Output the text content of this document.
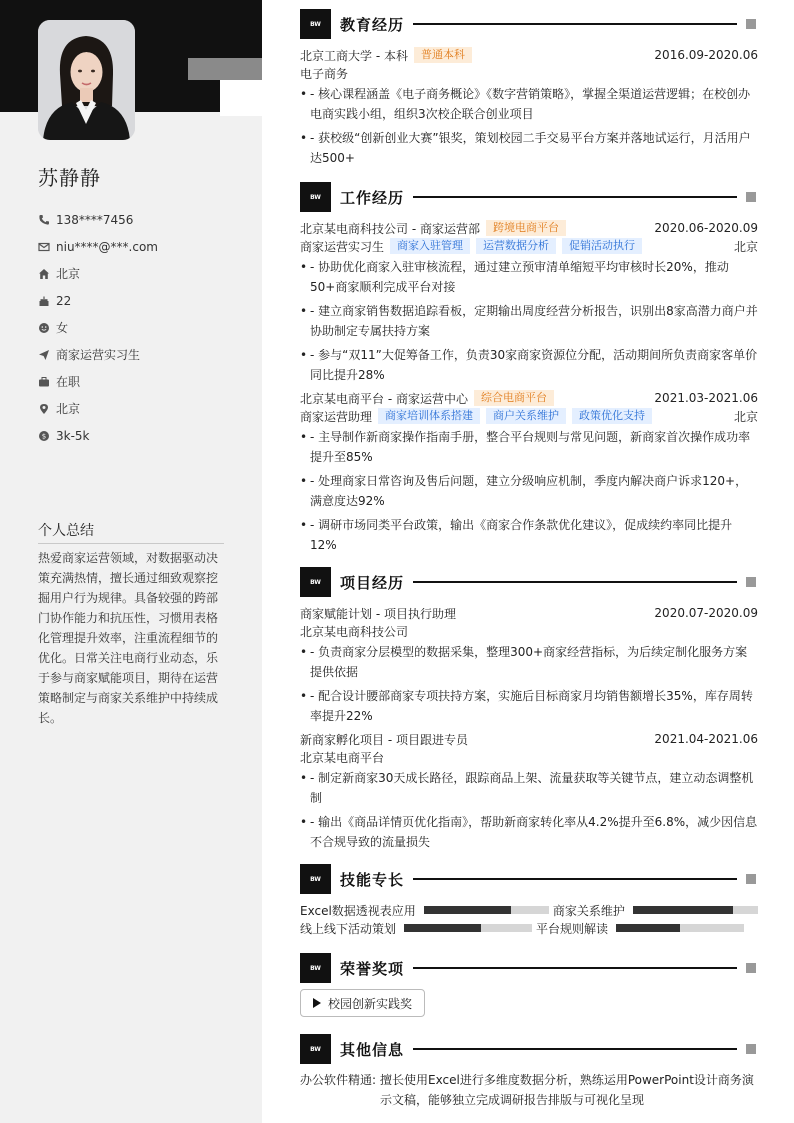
苏静静
138****7456
niu****@***.com
北京
22
女
商家运营实习生
在职
北京
$ 3k-5k
个人总结
热爱商家运营领域，对数据驱动决策充满热情，擅长通过细致观察挖掘用户行为规律。具备较强的跨部门协作能力和抗压性，习惯用表格化管理提升效率，注重流程细节的优化。日常关注电商行业动态，乐于参与商家赋能项目，期待在运营策略制定与商家关系维护中持续成长。
BW	教育经历
北京工商大学 - 本科	普通本科	2016.09-2020.06
电子商务
• - 核心课程涵盖《电子商务概论》《数字营销策略》，掌握全渠道运营逻辑；在校创办电商实践小组，组织3次校企联合创业项目
• - 获校级“创新创业大赛”银奖，策划校园二手交易平台方案并落地试运行，月活用户达500+
BW	工作经历
北京某电商科技公司 - 商家运营部	跨境电商平台	2020.06-2020.09
商家运营实习生	商家入驻管理	运营数据分析	促销活动执行	北京
• - 协助优化商家入驻审核流程，通过建立预审清单缩短平均审核时长20%，推动50+商家顺利完成平台对接
• - 建立商家销售数据追踪看板，定期输出周度经营分析报告，识别出8家高潜力商户并协助制定专属扶持方案
• - 参与“双11”大促筹备工作，负责30家商家资源位分配，活动期间所负责商家客单价同比提升28%
北京某电商平台 - 商家运营中心	综合电商平台	2021.03-2021.06
商家运营助理	商家培训体系搭建	商户关系维护	政策优化支持	北京
• - 主导制作新商家操作指南手册，整合平台规则与常见问题，新商家首次操作成功率提升至85%
• - 处理商家日常咨询及售后问题，建立分级响应机制，季度内解决商户诉求120+，满意度达92%
• - 调研市场同类平台政策，输出《商家合作条款优化建议》，促成续约率同比提升12%
BW	项目经历
商家赋能计划 - 项目执行助理	2020.07-2020.09
北京某电商科技公司
• - 负责商家分层模型的数据采集，整理300+商家经营指标，为后续定制化服务方案提供依据
• - 配合设计腰部商家专项扶持方案，实施后目标商家月均销售额增长35%，库存周转率提升22%
新商家孵化项目 - 项目跟进专员	2021.04-2021.06
北京某电商平台
• - 制定新商家30天成长路径，跟踪商品上架、流量获取等关键节点，建立动态调整机制
• - 输出《商品详情页优化指南》，帮助新商家转化率从4.2%提升至6.8%，减少因信息不合规导致的流量损失
BW	技能专长
Excel数据透视表应用	商家关系维护
线上线下活动策划	平台规则解读
BW	荣誉奖项
校园创新实践奖
BW	其他信息
办公软件精通: 擅长使用Excel进行多维度数据分析，熟练运用PowerPoint设计商务演示文稿，能够独立完成调研报告排版与可视化呈现
